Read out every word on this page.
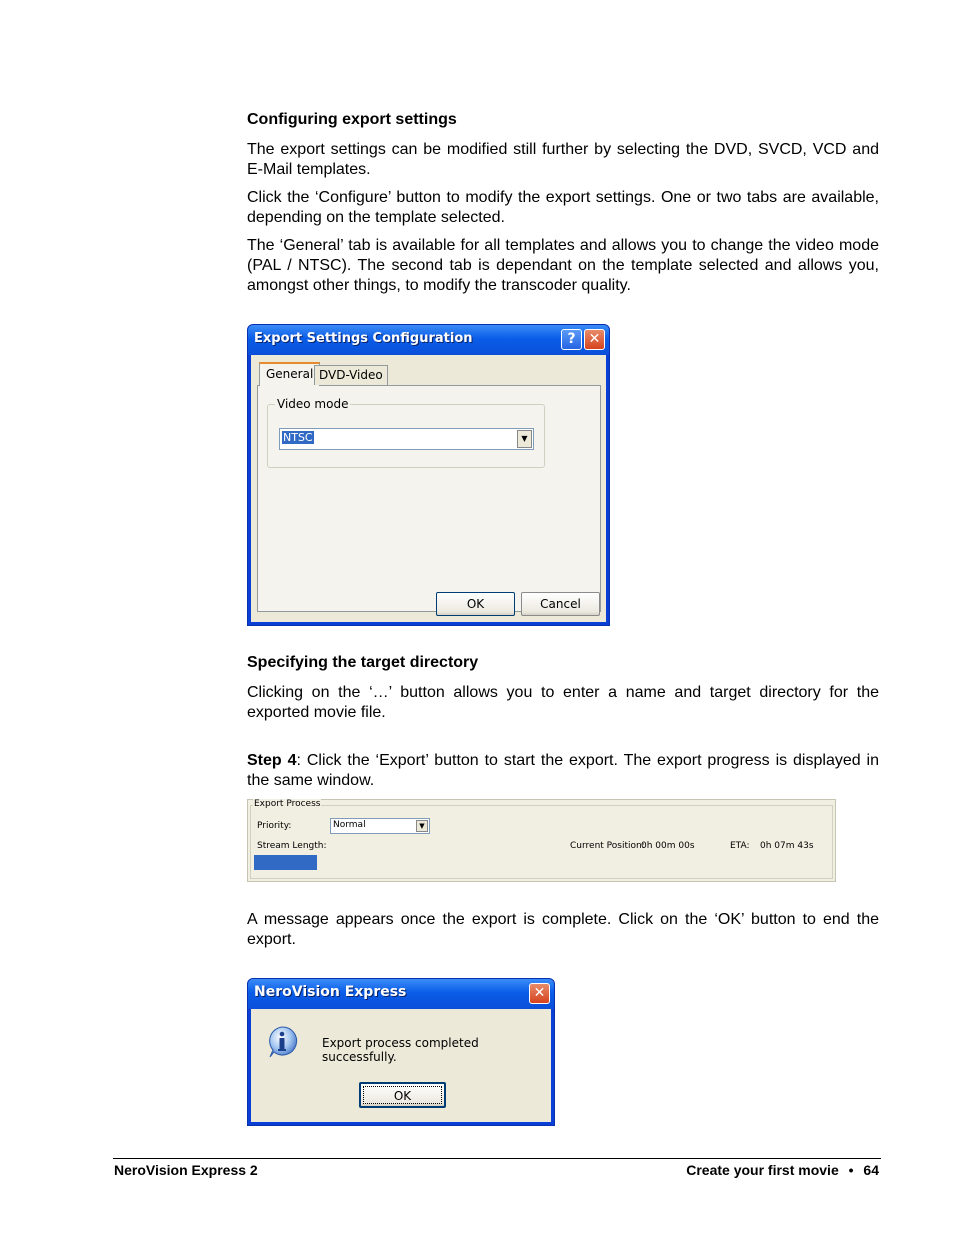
Configuring export settings

The export settings can be modified still further by selecting the DVD, SVCD, VCD and E-Mail templates.

Click the ‘Configure’ button to modify the export settings. One or two tabs are available, depending on the template selected.

The ‘General’ tab is available for all templates and allows you to change the video mode (PAL / NTSC). The second tab is dependant on the template selected and allows you, amongst other things, to modify the transcoder quality.

Export Settings Configuration	? ✕
General DVD-Video
Video mode
NTSC	▼
OK	Cancel
Specifying the target directory

Clicking on the ‘…’ button allows you to enter a name and target directory for the exported movie file.

Step 4: Click the ‘Export’ button to start the export. The export progress is displayed in the same window.

Export Process
Priority:	Normal	▼
Stream Length:	Current Position:
0h 00m 00s	ETA: 0h 07m 43s

A message appears once the export is complete. Click on the ‘OK’ button to end the export.

NeroVision Express	✕
Export process completed successfully.
OK
NeroVision Express 2	Create your first movie • 64
